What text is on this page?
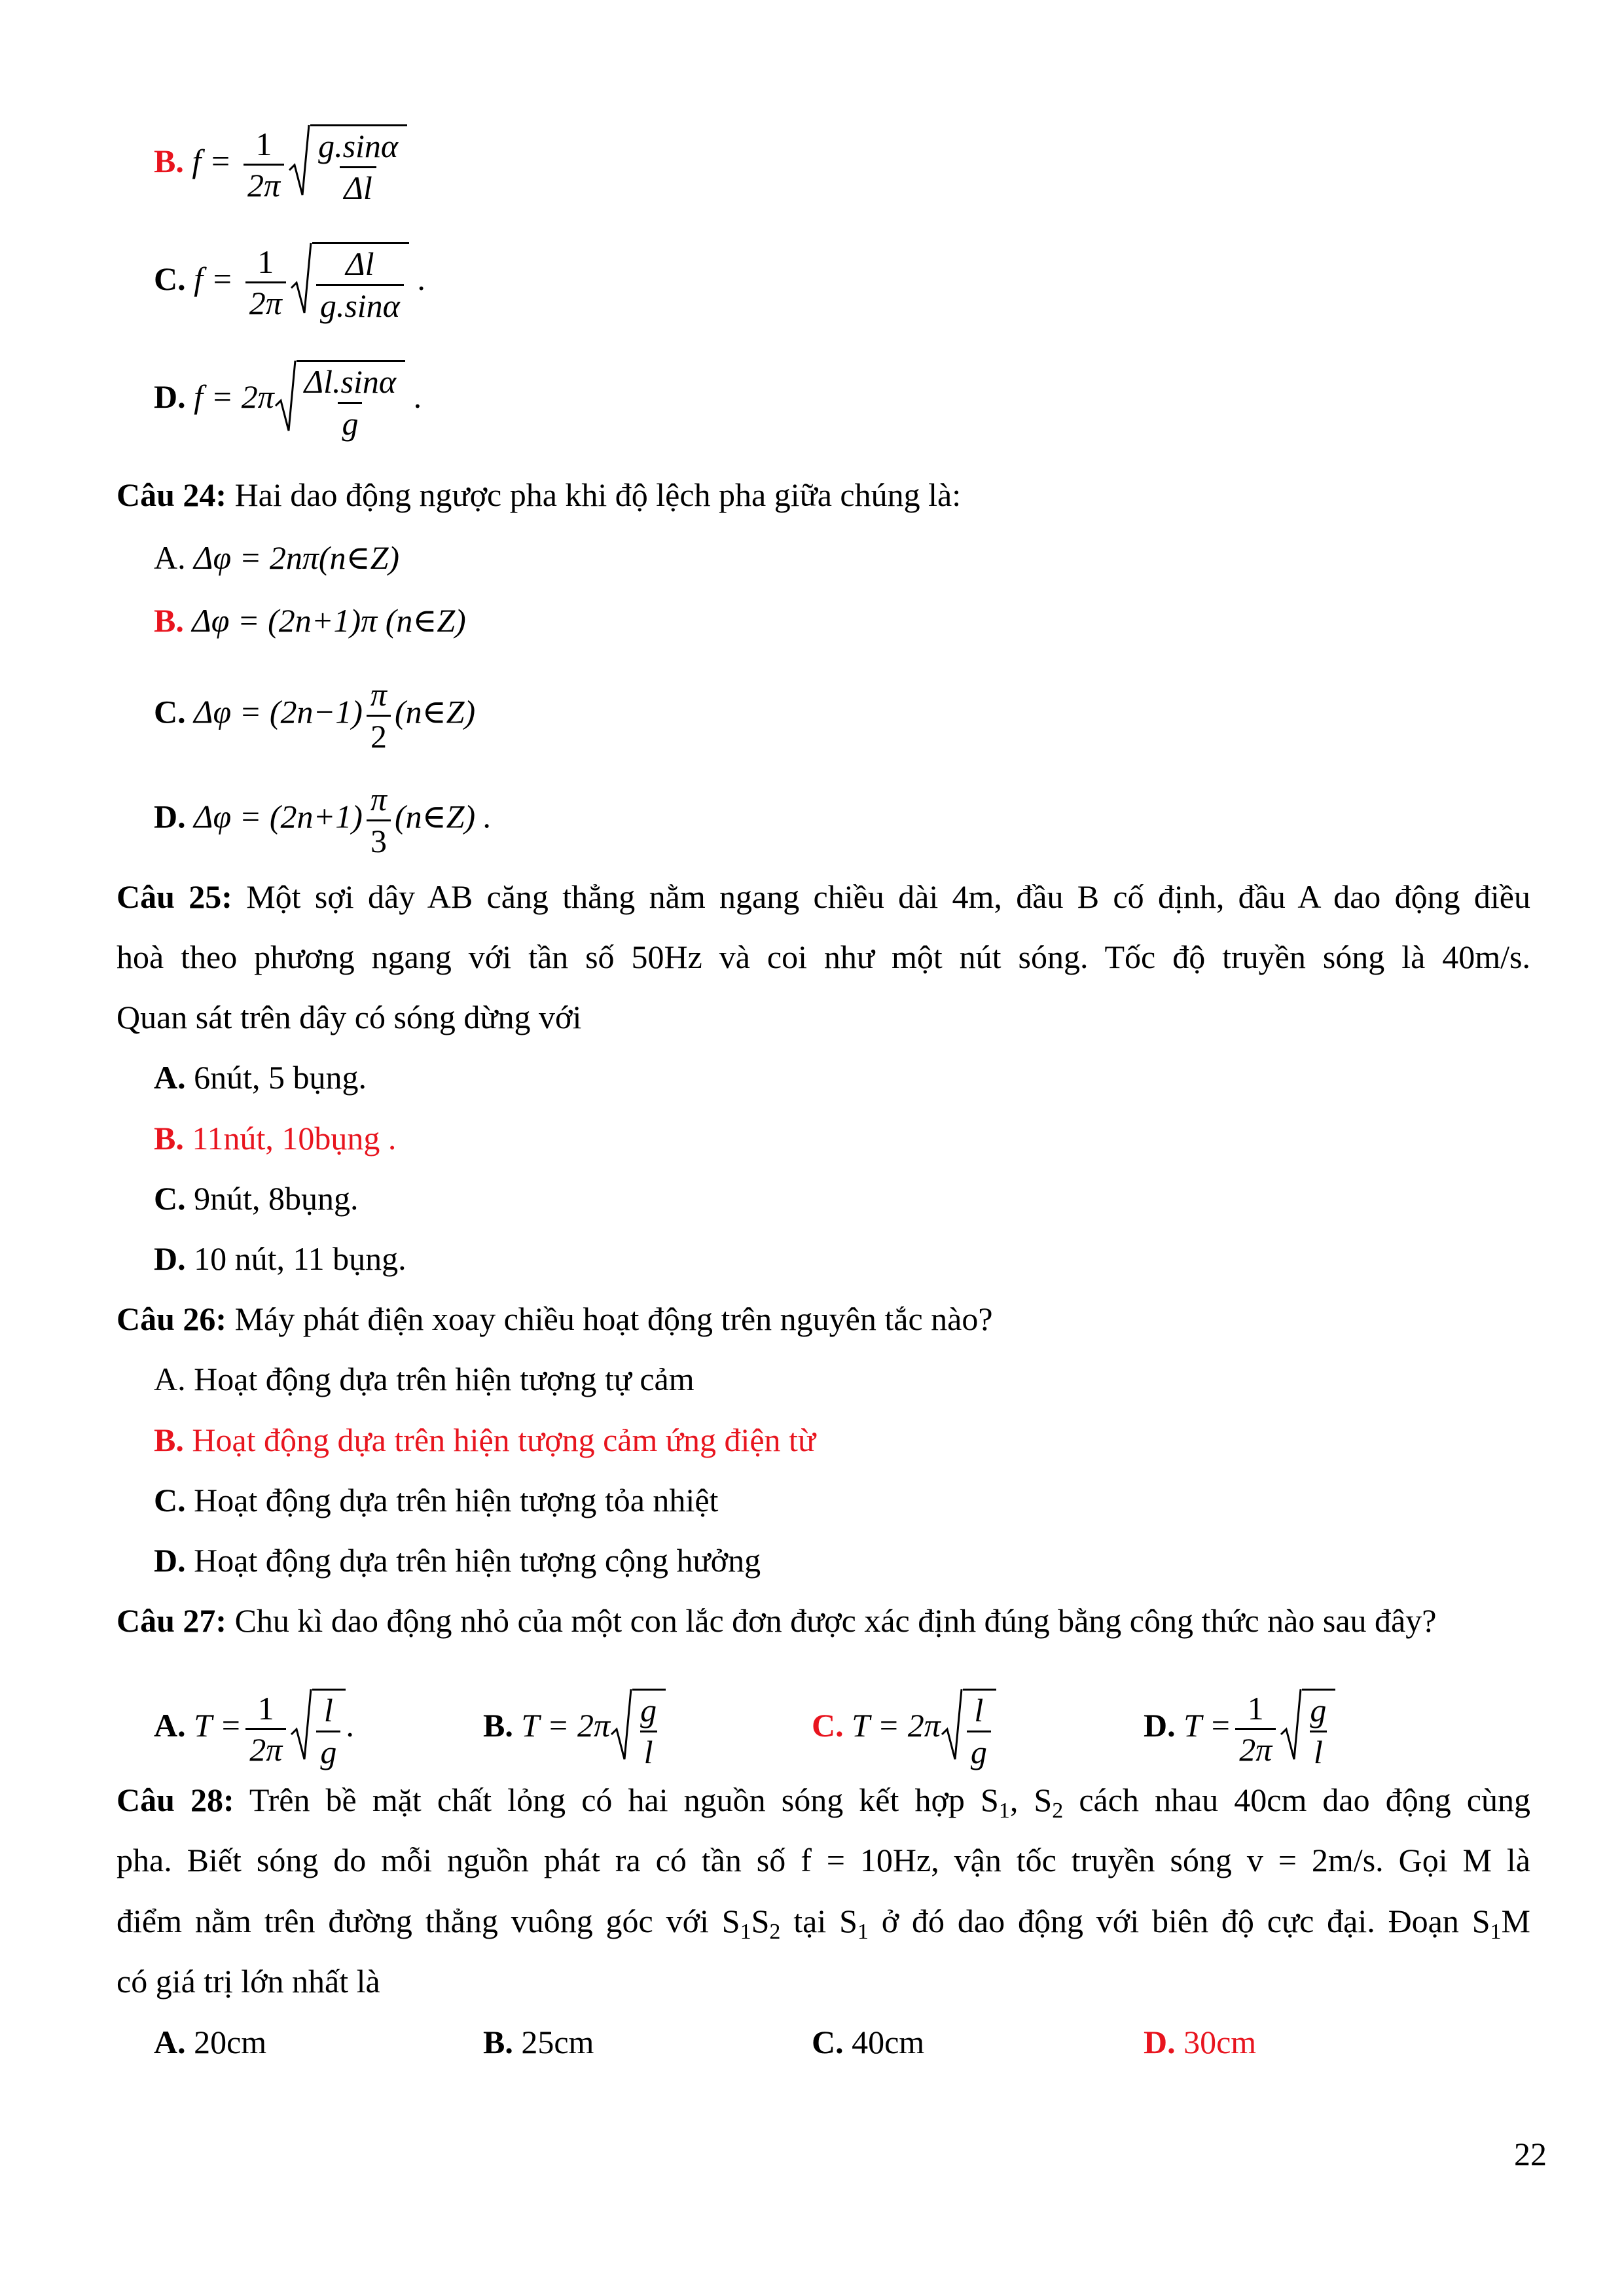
B. $f = \frac{1}{2\pi} \frac{g.\sin\alpha}{\Delta l}$
C. $f = \frac{1}{2\pi} \frac{\Delta l}{g.\sin\alpha}$ .
D. $f = 2\pi \frac{\Delta l.\sin\alpha}{g}$ .
Câu 24: Hai dao động ngược pha khi độ lệch pha giữa chúng là:
A. Δφ = 2nπ(n∈Z)
B. Δφ = (2n+1)π (n∈Z)
C. $\Delta\varphi = (2n-1) \frac{\pi}{2}$ (n∈Z)
D. $\Delta\varphi = (2n+1) \frac{\pi}{3}$ (n∈Z) .
Câu 25: Một sợi dây AB căng thẳng nằm ngang chiều dài 4m, đầu B cố định, đầu A dao động điều
hoà theo phương ngang với tần số 50Hz và coi như một nút sóng. Tốc độ truyền sóng là 40m/s.
Quan sát trên dây có sóng dừng với
A. 6nút, 5 bụng.
B. 11nút, 10bụng .
C. 9nút, 8bụng.
D. 10 nút, 11 bụng.
Câu 26: Máy phát điện xoay chiều hoạt động trên nguyên tắc nào?
A. Hoạt động dựa trên hiện tượng tự cảm
B. Hoạt động dựa trên hiện tượng cảm ứng điện từ
C. Hoạt động dựa trên hiện tượng tỏa nhiệt
D. Hoạt động dựa trên hiện tượng cộng hưởng
Câu 27: Chu kì dao động nhỏ của một con lắc đơn được xác định đúng bằng công thức nào sau đây?
A. $T = \frac{1}{2\pi} \frac{l}{g}$ .	B. $T = 2\pi \frac{g}{l}$	C. $T = 2\pi \frac{l}{g}$	D. $T = \frac{1}{2\pi} \frac{g}{l}$
Câu 28: Trên bề mặt chất lỏng có hai nguồn sóng kết hợp $S_1$, $S_2$ cách nhau 40cm dao động cùng
pha. Biết sóng do mỗi nguồn phát ra có tần số f = 10Hz, vận tốc truyền sóng v = 2m/s. Gọi M là
điểm nằm trên đường thẳng vuông góc với $S_1S_2$ tại $S_1$ ở đó dao động với biên độ cực đại. Đoạn $S_1M$
có giá trị lớn nhất là
A. 20cm	B. 25cm	C. 40cm	D. 30cm
22
